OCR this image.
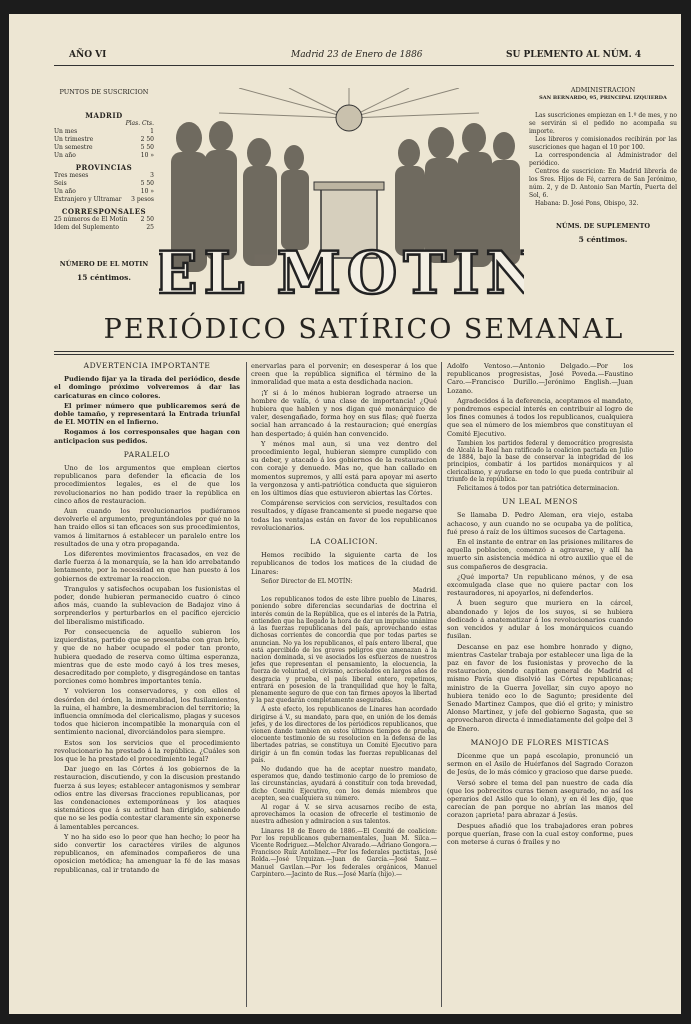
AÑO VI	Madrid 23 de Enero de 1886	SU PLEMENTO AL NÚM. 4
PUNTOS DE SUSCRICION
MADRID
Plas. Cts.
Un mes	1
Un trimestre	2 50
Un semestre	5 50
Un año	10 »
PROVINCIAS
Tres meses	3
Seis	5 50
Un año	10 »
Extranjero y Ultramar 3 pesos
CORRESPONSALES
25 números de El Motín 2 50
Idem del Suplemento	25
NÚMERO DE EL MOTIN
15 céntimos. EL MOTIN
ADMINISTRACION
SAN BERNARDO, 95, PRINCIPAL IZQUIERDA
Las suscriciones empiezan en 1.º de mes, y no se servirán si el pedido no acompaña su importe.
Los libreros y comisionados recibirán por las suscriciones que hagan el 10 por 100.
La correspondencia al Administrador del periódico.
Centros de suscricion: En Madrid librería de los Sres. Hijos de Fé, carrera de San Jerónimo, núm. 2, y de D. Antonio San Martín, Puerta del Sol, 6.
Habana: D. José Pons, Obispo, 32.
NÚMS. DE SUPLEMENTO
5 céntimos.
PERIÓDICO SATÍRICO SEMANAL
ADVERTENCIA IMPORTANTE

Pudiendo fijar ya la tirada del periódico, desde el domingo próximo volveremos á dar las caricaturas en cinco colores.

El primer número que publicaremos será de doble tamaño, y representará la Entrada triunfal de EL MOTÍN en el Infierno.

Rogamos á los corresponsales que hagan con anticipacion sus pedidos.

PARALELO

Uno de los argumentos que emplean ciertos republicanos para defender la eficacia de los procedimientos legales, es el de que los revolucionarios no han podido traer la república en cinco años de restauracion.

Aun cuando los revolucionarios pudiéramos devolverle el argumento, preguntándoles por qué no la han traido ellos si tan eficaces son sus procedimientos, vamos á limitarnos á establecer un paralelo entre los resultados de una y otra propaganda.

Los diferentes movimientos fracasados, en vez de darle fuerza á la monarquía, se la han ido arrebatando lentamente, por la necesidad en que han puesto á los gobiernos de extremar la reaccion.

Trangulos y satisfechos ocupaban los fusionistas el poder, donde hubieran permanecido cuatro ó cinco años más, cuando la sublevacion de Badajoz vino á sorprenderlos y perturbarlos en el pacífico ejercicio del liberalismo mistificado.

Por consecuencia de aquello subieron los izquierdistas, partido que se presentaba con gran brío, y que de no haber ocupado el poder tan pronto, hubiera quedado de reserva como última esperanza, mientras que de este modo cayó á los tres meses, desacreditado por completo, y disgregándose en tantas porciones como hombres importantes tenía.

Y volvieron los conservadores, y con ellos el desórden del órden, la inmoralidad, los fusilamientos, la ruina, el hambre, la desmembracion del territorio; la influencia omnímoda del clericalismo, plagas y sucesos todos que hicieron incompatible la monarquía con el sentimiento nacional, divorciándolos para siempre.

Estos son los servicios que el procedimiento revolucionario ha prestado á la república. ¿Cuáles son los que le ha prestado el procedimiento legal?

Dar juego en las Córtes á los gobiernos de la restauracion, discutiendo, y con la discusion prestando fuerza á sus leyes; establecer antagonismos y sembrar odios entre las diversas fracciones republicanas, por las condenaciones extemporáneas y los ataques sistemáticos que á su actitud han dirigido, sabiendo que no se les podía contestar claramente sin exponerse á lamentables percances.

Y no ha sido eso lo peor que han hecho; lo peor ha sido convertir los caractéres viriles de algunos republicanos, en afeminados compañeros de una oposicion metódica; ha amenguar la fé de las masas republicanas, cal ir tratando de

enervarlas para el porvenir; en desesperar á los que creen que la república significa el término de la inmoralidad que mata a esta desdichada nacion.

¡Y si á lo ménos hubieran logrado atraerse un hombre de valía, ó una clase de importancia! ¿Qué hubiera que hablen y nos digan qué monárquico de valer, desengañado, forma hoy en sus filas; qué fuerza social han arrancado á la restauracion; qué energías han despertado; á quién han convencido.

Y ménos mal aun, si una vez dentro del procedimiento legal, hubieran siempre cumplido con su deber, y atacado á los gobiernos de la restauracion con coraje y denuedo. Mas no, que han callado en momentos supremos, y allí está para apoyar mi aserto la vergonzosa y anti-patriótica conducta que siguieron en los últimos días que estuvieron abiertas las Córtes.

Compárense servicios con servicios, resultados con resultados, y dígase francamente si puede negarse que todas las ventajas están en favor de los republicanos revolucionarios.

LA COALICION.

Hemos recibido la siguiente carta de los republicanos de todos los matices de la ciudad de Linares:

Señor Director de EL MOTÍN:

Madrid.

Los republicanos todos de este libre pueblo de Linares, poniendo sobre diferencias secundarias de doctrina el interés común de la República, que es el interés de la Patria, entienden que ha llegado la hora de dar un impulso unánime á las fuerzas republicanas del país, aprovechando estas dichosas corrientes de concordia que por todas partes se anuncian. No ya los republicanos, el país entero liberal, que está apercibido de los graves peligros que amenazan á la nacion dominada, si ve asociados los esfuerzos de nuestros jefes que representan el pensamiento, la elocuencia, la fuerza de voluntad, el civismo, acrisolados en largos años de desgracia y prueba, el país liberal entero, repetimos, entrará en posesion de la tranquilidad que hoy le falta, plenamente seguro de que con tan firmes apoyos la libertad y la paz quedarán completamente aseguradas.

Á este efecto, los republicanos de Linares han acordado dirigirse á V., su mandato, para que, en unión de los demás jefes, y de los directores de los periódicos republicanos, que vienen dando tambien en estos últimos tiempos de prueba, elocuente testimonio de su resolucion en la defensa de las libertades patrias, se constituya un Comité Ejecutivo para dirigir á un fin común todas las fuerzas republicanas del país.

No dudando que ha de aceptar nuestro mandato, esperamos que, dando testimonio cargo de lo premioso de las circunstancias, ayudará á constituir con toda brevedad, dicho Comité Ejecutivo, con los demás miembros que acepten, sea cualquiera su número.

Al rogar á V. se sirva acusarnos recibo de esta, aprovechamos la ocasion de ofrecerle el testimonio de nuestra adhesion y admiracion a sus talentos.

Linares 18 de Enero de 1886.—El Comité de coalicion: Por los republicanos gubernamentales, Juan M. Silca.—Vicente Rodriguez.—Melchor Alvarado.—Adriano Gongora.—Francisco Ruiz Antolinez.—Por los federales pactistas, José Rolda.—José Urquizan.—Juan de García.—José Sanz.—Manuel Gavilan.—Por los federales orgánicos, Manuel Carpintero.—Jacinto de Rus.—José María (hijo).—

Adolfo Ventoso.—Antonio Delgado.—Por los republicanos progresistas, José Poveda.—Faustino Caro.—Francisco Durillo.—Jerónimo English.—Juan Lozano.

Agradecidos á la deferencia, aceptamos el mandato, y pondremos especial interés en contribuir al logro de los fines comunes á todos los republicanos, cualquiera que sea el número de los miembros que constituyan el Comité Ejecutivo.

Tambien los partidos federal y democrático progresista de Alcalá la Real han ratificado la coalicion pactada en Julio de 1884, bajo la base de conservar la integridad de los principios, combatir á los partidos monárquicos y al clericalismo, y ayudarse en todo lo que pueda contribuir al triunfo de la república.

Felicitamos á todos por tan patriótica determinacion.

UN LEAL MENOS

Se llamaba D. Pedro Aleman, era viejo, estaba achacoso, y aun cuando no se ocupaba ya de política, fué preso á raíz de los últimos sucesos de Cartagena.

En el instante de entrar en las prisiones militares de aquella poblacion, comenzó a agravarse, y allí ha muerto sin asistencia médica ni otro auxilio que el de sus compañeros de desgracia.

¿Qué importa? Un republicano ménos, y de esa excomulgada clase que no quiere pactar con los restauradores, ni apoyarlos, ni defenderlos.

Á buen seguro que muriera en la cárcel, abandonado y lejos de los suyos, si se hubiera dedicado á anatematizar á los revolucionarios cuando son vencidos y adular á los monárquicos cuando fusilan.

Descanse en paz ese hombre honrado y digno, mientras Castelar trabaja por establecer una liga de la paz en favor de los fusionistas y provecho de la restauracion, siendo capitan general de Madrid el mismo Pavía que disolvió las Córtes republicanas; ministro de la Guerra Jovellar, sin cuyo apoyo no hubiera tenido eco lo de Sagunto; presidente del Senado Martinez Campos, que dió el grito; y ministro Alonso Martinez, y jefe del gobierno Sagasta, que se aprovecharon directa é inmediatamente del golpe del 3 de Enero.

MANOJO DE FLORES MISTICAS

Dícenme que un papá escolapio, pronunció un sermon en el Asilo de Huérfanos del Sagrado Corazon de Jesús, de lo más cómico y gracioso que darse puede.

Versó sobre el tema del pan nuestro de cada día (que los pobrecitos curas tienen asegurado, no así los operarios del Asilo que lo olan), y en él les dijo, que carecían de pan porque no abrían las manos del corazon ¡aprieta! para abrazar á Jesús.

Despues añadió que los trabajadores eran pobres porque querían, frase con la cual estoy conforme, pues con meterse á curas ó frailes y no
